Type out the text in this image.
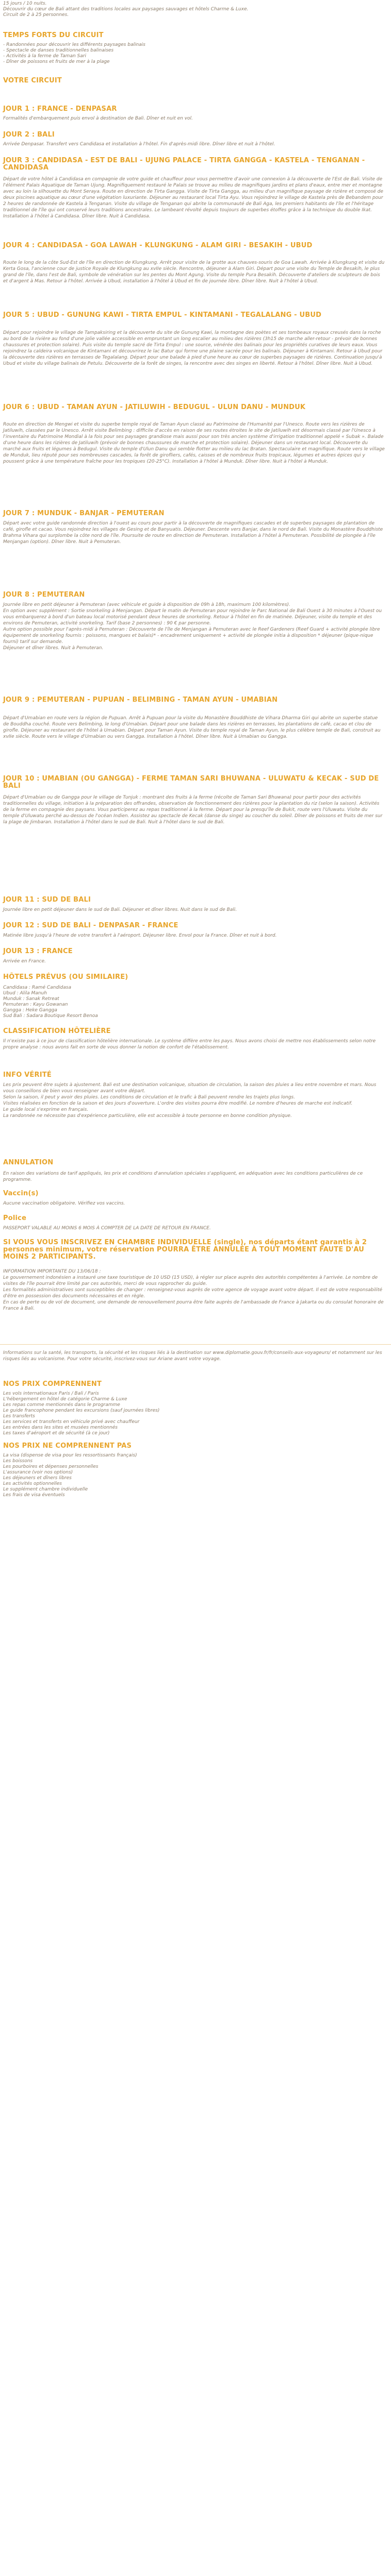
15 jours / 10 nuits.
Découvrir du cœur de Bali attant des traditions locales aux paysages sauvages et hôtels Charme & Luxe.
Circuit de 2 à 25 personnes.

TEMPS FORTS DU CIRCUIT

- Randonnées pour découvrir les différents paysages balinais
- Spectacle de danses traditionnelles balinaises
- Activités à la ferme de Taman Sari
- Dîner de poissons et fruits de mer à la plage

VOTRE CIRCUIT
JOUR 1 : FRANCE - DENPASAR

Formalités d'embarquement puis envol à destination de Bali. Dîner et nuit en vol.

JOUR 2 : BALI

Arrivée Denpasar. Transfert vers Candidasa et installation à l'hôtel. Fin d'après-midi libre. Dîner libre et nuit à l'hôtel.

JOUR 3 : CANDIDASA - EST DE BALI - UJUNG PALACE - TIRTA GANGGA - KASTELA - TENGANAN - CANDIDASA

Départ de votre hôtel à Candidasa en compagnie de votre guide et chauffeur pour vous permettre d'avoir une connexion à la découverte de l'Est de Bali. Visite de l'élément Palais Aquatique de Taman Ujung. Magnifiquement restauré le Palais se trouve au milieu de magnifiques jardins et plans d'eaux, entre mer et montagne avec au loin la silhouette du Mont Seraya. Route en direction de Tirta Gangga. Visite de Tirta Gangga, au milieu d'un magnifique paysage de rizière et composé de deux piscines aquatique au cœur d'une végétation luxuriante. Déjeuner au restaurant local Tirta Ayu. Vous rejoindrez le village de Kastela près de Bebandem pour 2 heures de randonnée de Kastela à Tenganan. Visite du village de Tenganan qui abrite la communauté de Bali Aga, les premiers habitants de l'île et l'héritage traditionnel de l'île qui ont conservé leurs traditions ancestrales. Le lambeant révolté depuis toujours de superbes étoffes grâce à la technique du double Ikat. Installation à l'hôtel à Candidasa. Dîner libre. Nuit à Candidasa.

JOUR 4 : CANDIDASA - GOA LAWAH - KLUNGKUNG - ALAM GIRI - BESAKIH - UBUD

Route le long de la côte Sud-Est de l'île en direction de Klungkung. Arrêt pour visite de la grotte aux chauves-souris de Goa Lawah. Arrivée à Klungkung et visite du Kerta Gosa, l'ancienne cour de justice Royale de Klungkung au xvIIe siècle. Rencontre, déjeuner à Alam Giri. Départ pour une visite du Temple de Besakih, le plus grand de l'île, dans l'est de Bali, symbole de vénération sur les pentes du Mont Agung. Visite du temple Pura Besakih. Découverte d'ateliers de sculpteurs de bois et d'argent à Mas. Retour à l'hôtel. Arrivée à Ubud, installation à l'hôtel à Ubud et fin de journée libre. Dîner libre. Nuit à l'hôtel à Ubud.

JOUR 5 : UBUD - GUNUNG KAWI - TIRTA EMPUL - KINTAMANI - TEGALALANG - UBUD

Départ pour rejoindre le village de Tampaksiring et la découverte du site de Gunung Kawi, la montagne des poètes et ses tombeaux royaux creusés dans la roche au bord de la rivière au fond d'une jolie vallée accessible en empruntant un long escalier au milieu des rizières (3h15 de marche aller-retour - prévoir de bonnes chaussures et protection solaire). Puis visite du temple sacré de Tirta Empul : une source, vénérée des balinais pour les propriétés curatives de leurs eaux. Vous rejoindrez la caldeira volcanique de Kintamani et découvrirez le lac Batur qui forme une plaine sacrée pour les balinais. Déjeuner à Kintamani. Retour à Ubud pour la découverte des rizières en terrasses de Tegalalang. Départ pour une balade à pied d'une heure au cœur de superbes paysages de rizières. Continuation jusqu'à Ubud et visite du village balinais de Petulu. Découverte de la forêt de singes, la rencontre avec des singes en liberté. Retour à l'hôtel. Dîner libre. Nuit à Ubud.

JOUR 6 : UBUD - TAMAN AYUN - JATILUWIH - BEDUGUL - ULUN DANU - MUNDUK

Route en direction de Mengwi et visite du superbe temple royal de Taman Ayun classé au Patrimoine de l'Humanité par l'Unesco. Route vers les rizières de Jatiluwih, classées par le Unesco. Arrêt visite Belimbing : difficile d'accès en raison de ses routes étroites le site de Jatiluwih est désormais classé par l'Unesco à l'inventaire du Patrimoine Mondial à la fois pour ses paysages grandiose mais aussi pour son très ancien système d'irrigation traditionnel appelé « Subak ». Balade d'une heure dans les rizières de Jatiluwih (prévoir de bonnes chaussures de marche et protection solaire). Déjeuner dans un restaurant local. Découverte du marché aux fruits et légumes à Bedugul. Visite du temple d'Ulun Danu qui semble flotter au milieu du lac Bratan. Spectaculaire et magnifique. Route vers le village de Munduk, lieu réputé pour ses nombreuses cascades, la forêt de girofliers, cafés, caisses et de nombreux fruits tropicaux, légumes et autres épices qui y poussent grâce à une température fraîche pour les tropiques (20-25°C). Installation à l'hôtel à Munduk. Dîner libre. Nuit à l'hôtel à Munduk.

JOUR 7 : MUNDUK - BANJAR - PEMUTERAN

Départ avec votre guide randonnée direction à l'ouest au cours pour partir à la découverte de magnifiques cascades et de superbes paysages de plantation de café, girofle et cacao. Vous rejoindrez les villages de Gesing et de Banyuatis. Déjeuner. Descente vers Banjar, dans le nord de Bali. Visite du Monastère Bouddhiste Brahma Vihara qui surplombe la côte nord de l'île. Poursuite de route en direction de Pemuteran. Installation à l'hôtel à Pemuteran. Possibilité de plongée à l'île Menjangan (option). Dîner libre. Nuit à Pemuteran.

JOUR 8 : PEMUTERAN

Journée libre en petit déjeuner à Pemuteran (avec véhicule et guide à disposition de 09h à 18h, maximum 100 kilomètres).
En option avec supplément : Sortie snorkeling à Menjangan. Départ le matin de Pemuteran pour rejoindre le Parc National de Bali Ouest à 30 minutes à l'Ouest ou vous embarquerez à bord d'un bateau local motorisé pendant deux heures de snorkeling. Retour à l'hôtel en fin de matinée. Déjeuner, visite du temple et des environs de Pemuteran, activité snorkeling. Tarif (base 2 personnes) : 90 € par personne.
Autre option possible pour l'après-midi à Pemuteran : Découverte de l'île de Menjangan à Pemuteran avec le Reef Gardeners (Reef Guard + activité plongée libre équipement de snorkeling fournis : poissons, mangues et balais)* - encadrement uniquement + activité de plongée initia à disposition * déjeuner (pique-nique fourni) tarif sur demande.
Déjeuner et dîner libres. Nuit à Pemuteran.

JOUR 9 : PEMUTERAN - PUPUAN - BELIMBING - TAMAN AYUN - UMABIAN

Départ d'Umabian en route vers la région de Pupuan. Arrêt à Pupuan pour la visite du Monastère Bouddhiste de Vihara Dharma Giri qui abrite un superbe statue de Bouddha couché. Route vers Belimbing, le long d'Umabian. Départ pour une balade dans les rizières en terrasses, les plantations de café, cacao et clou de girofle. Déjeuner au restaurant de l'hôtel à Umabian. Départ pour Taman Ayun. Visite du temple royal de Taman Ayun, le plus célèbre temple de Bali, construit au xvIIe siècle. Route vers le village d'Umabian ou vers Gangga. Installation à l'hôtel. Dîner libre. Nuit à Umabian ou Gangga.

JOUR 10 : UMABIAN (OU GANGGA) - FERME TAMAN SARI BHUWANA - ULUWATU & KECAK - SUD DE BALI

Départ d'Umabian ou de Gangga pour le village de Tunjuk : montrant des fruits à la ferme (récolte de Taman Sari Bhuwana) pour partir pour des activités traditionnelles du village, initiation à la préparation des offrandes, observation de fonctionnement des rizières pour la plantation du riz (selon la saison). Activités de la ferme en compagnie des paysans. Vous participerez au repas traditionnel à la ferme. Départ pour la presqu'île de Bukit, route vers l'Uluwatu. Visite du temple d'Uluwatu perché au-dessus de l'océan Indien. Assistez au spectacle de Kecak (danse du singe) au coucher du soleil. Dîner de poissons et fruits de mer sur la plage de Jimbaran. Installation à l'hôtel dans le sud de Bali. Nuit à l'hôtel dans le sud de Bali.

JOUR 11 : SUD DE BALI

Journée libre en petit déjeuner dans le sud de Bali. Déjeuner et dîner libres. Nuit dans le sud de Bali.

JOUR 12 : SUD DE BALI - DENPASAR - FRANCE

Matinée libre jusqu'à l'heure de votre transfert à l'aéroport. Déjeuner libre. Envol pour la France. Dîner et nuit à bord.

JOUR 13 : FRANCE

Arrivée en France.

HÔTELS PRÉVUS (OU SIMILAIRE)

Candidasa : Ramé Candidasa
Ubud : Alila Manuh
Munduk : Sanak Retreat
Pemuteran : Kayu Gowanan
Gangga : Heke Gangga
Sud Bali : Sadara Boutique Resort Benoa

CLASSIFICATION HÔTELIÈRE

Il n'existe pas à ce jour de classification hôtelière internationale. Le système diffère entre les pays. Nous avons choisi de mettre nos établissements selon notre propre analyse : nous avons fait en sorte de vous donner la notion de confort de l'établissement.

INFO VÉRITÉ

Les prix peuvent être sujets à ajustement. Bali est une destination volcanique, situation de circulation, la saison des pluies a lieu entre novembre et mars. Nous vous conseillons de bien vous renseigner avant votre départ.
Selon la saison, il peut y avoir des pluies. Les conditions de circulation et le trafic à Bali peuvent rendre les trajets plus longs.
Visites réalisées en fonction de la saison et des jours d'ouverture. L'ordre des visites pourra être modifié. Le nombre d'heures de marche est indicatif.
Le guide local s'exprime en français.
La randonnée ne nécessite pas d'expérience particulière, elle est accessible à toute personne en bonne condition physique.

ANNULATION

En raison des variations de tarif appliqués, les prix et conditions d'annulation spéciales s'appliquent, en adéquation avec les conditions particulières de ce programme.

Vaccin(s)

Aucune vaccination obligatoire. Vérifiez vos vaccins.

Police

PASSEPORT VALABLE AU MOINS 6 MOIS À COMPTER DE LA DATE DE RETOUR EN FRANCE.

SI VOUS VOUS INSCRIVEZ EN CHAMBRE INDIVIDUELLE (single), nos départs étant garantis à 2 personnes minimum, votre réservation POURRA ÊTRE ANNULÉE À TOUT MOMENT FAUTE D'AU MOINS 2 PARTICIPANTS.

INFORMATION IMPORTANTE DU 13/06/18 :
Le gouvernement indonésien a instauré une taxe touristique de 10 USD (15 USD), à régler sur place auprès des autorités compétentes à l'arrivée. Le nombre de visites de l'île pourrait être limité par ces autorités, merci de vous rapprocher du guide.
Les formalités administratives sont susceptibles de changer : renseignez-vous auprès de votre agence de voyage avant votre départ. Il est de votre responsabilité d'être en possession des documents nécessaires et en règle.
En cas de perte ou de vol de document, une demande de renouvellement pourra être faite auprès de l'ambassade de France à Jakarta ou du consulat honoraire de France à Bali.

Informations sur la santé, les transports, la sécurité et les risques liés à la destination sur www.diplomatie.gouv.fr/fr/conseils-aux-voyageurs/ et notamment sur les risques liés au volcanisme. Pour votre sécurité, inscrivez-vous sur Ariane avant votre voyage.

NOS PRIX COMPRENNENT

Les vols internationaux Paris / Bali / Paris
L'hébergement en hôtel de catégorie Charme & Luxe
Les repas comme mentionnés dans le programme
Le guide francophone pendant les excursions (sauf journées libres)
Les transferts
Les services et transferts en véhicule privé avec chauffeur
Les entrées dans les sites et musées mentionnés
Les taxes d'aéroport et de sécurité (à ce jour)

NOS PRIX NE COMPRENNENT PAS

La visa (dispense de visa pour les ressortissants français)
Les boissons
Les pourboires et dépenses personnelles
L'assurance (voir nos options)
Les déjeuners et dîners libres
Les activités optionnelles
Le supplément chambre individuelle
Les frais de visa éventuels
